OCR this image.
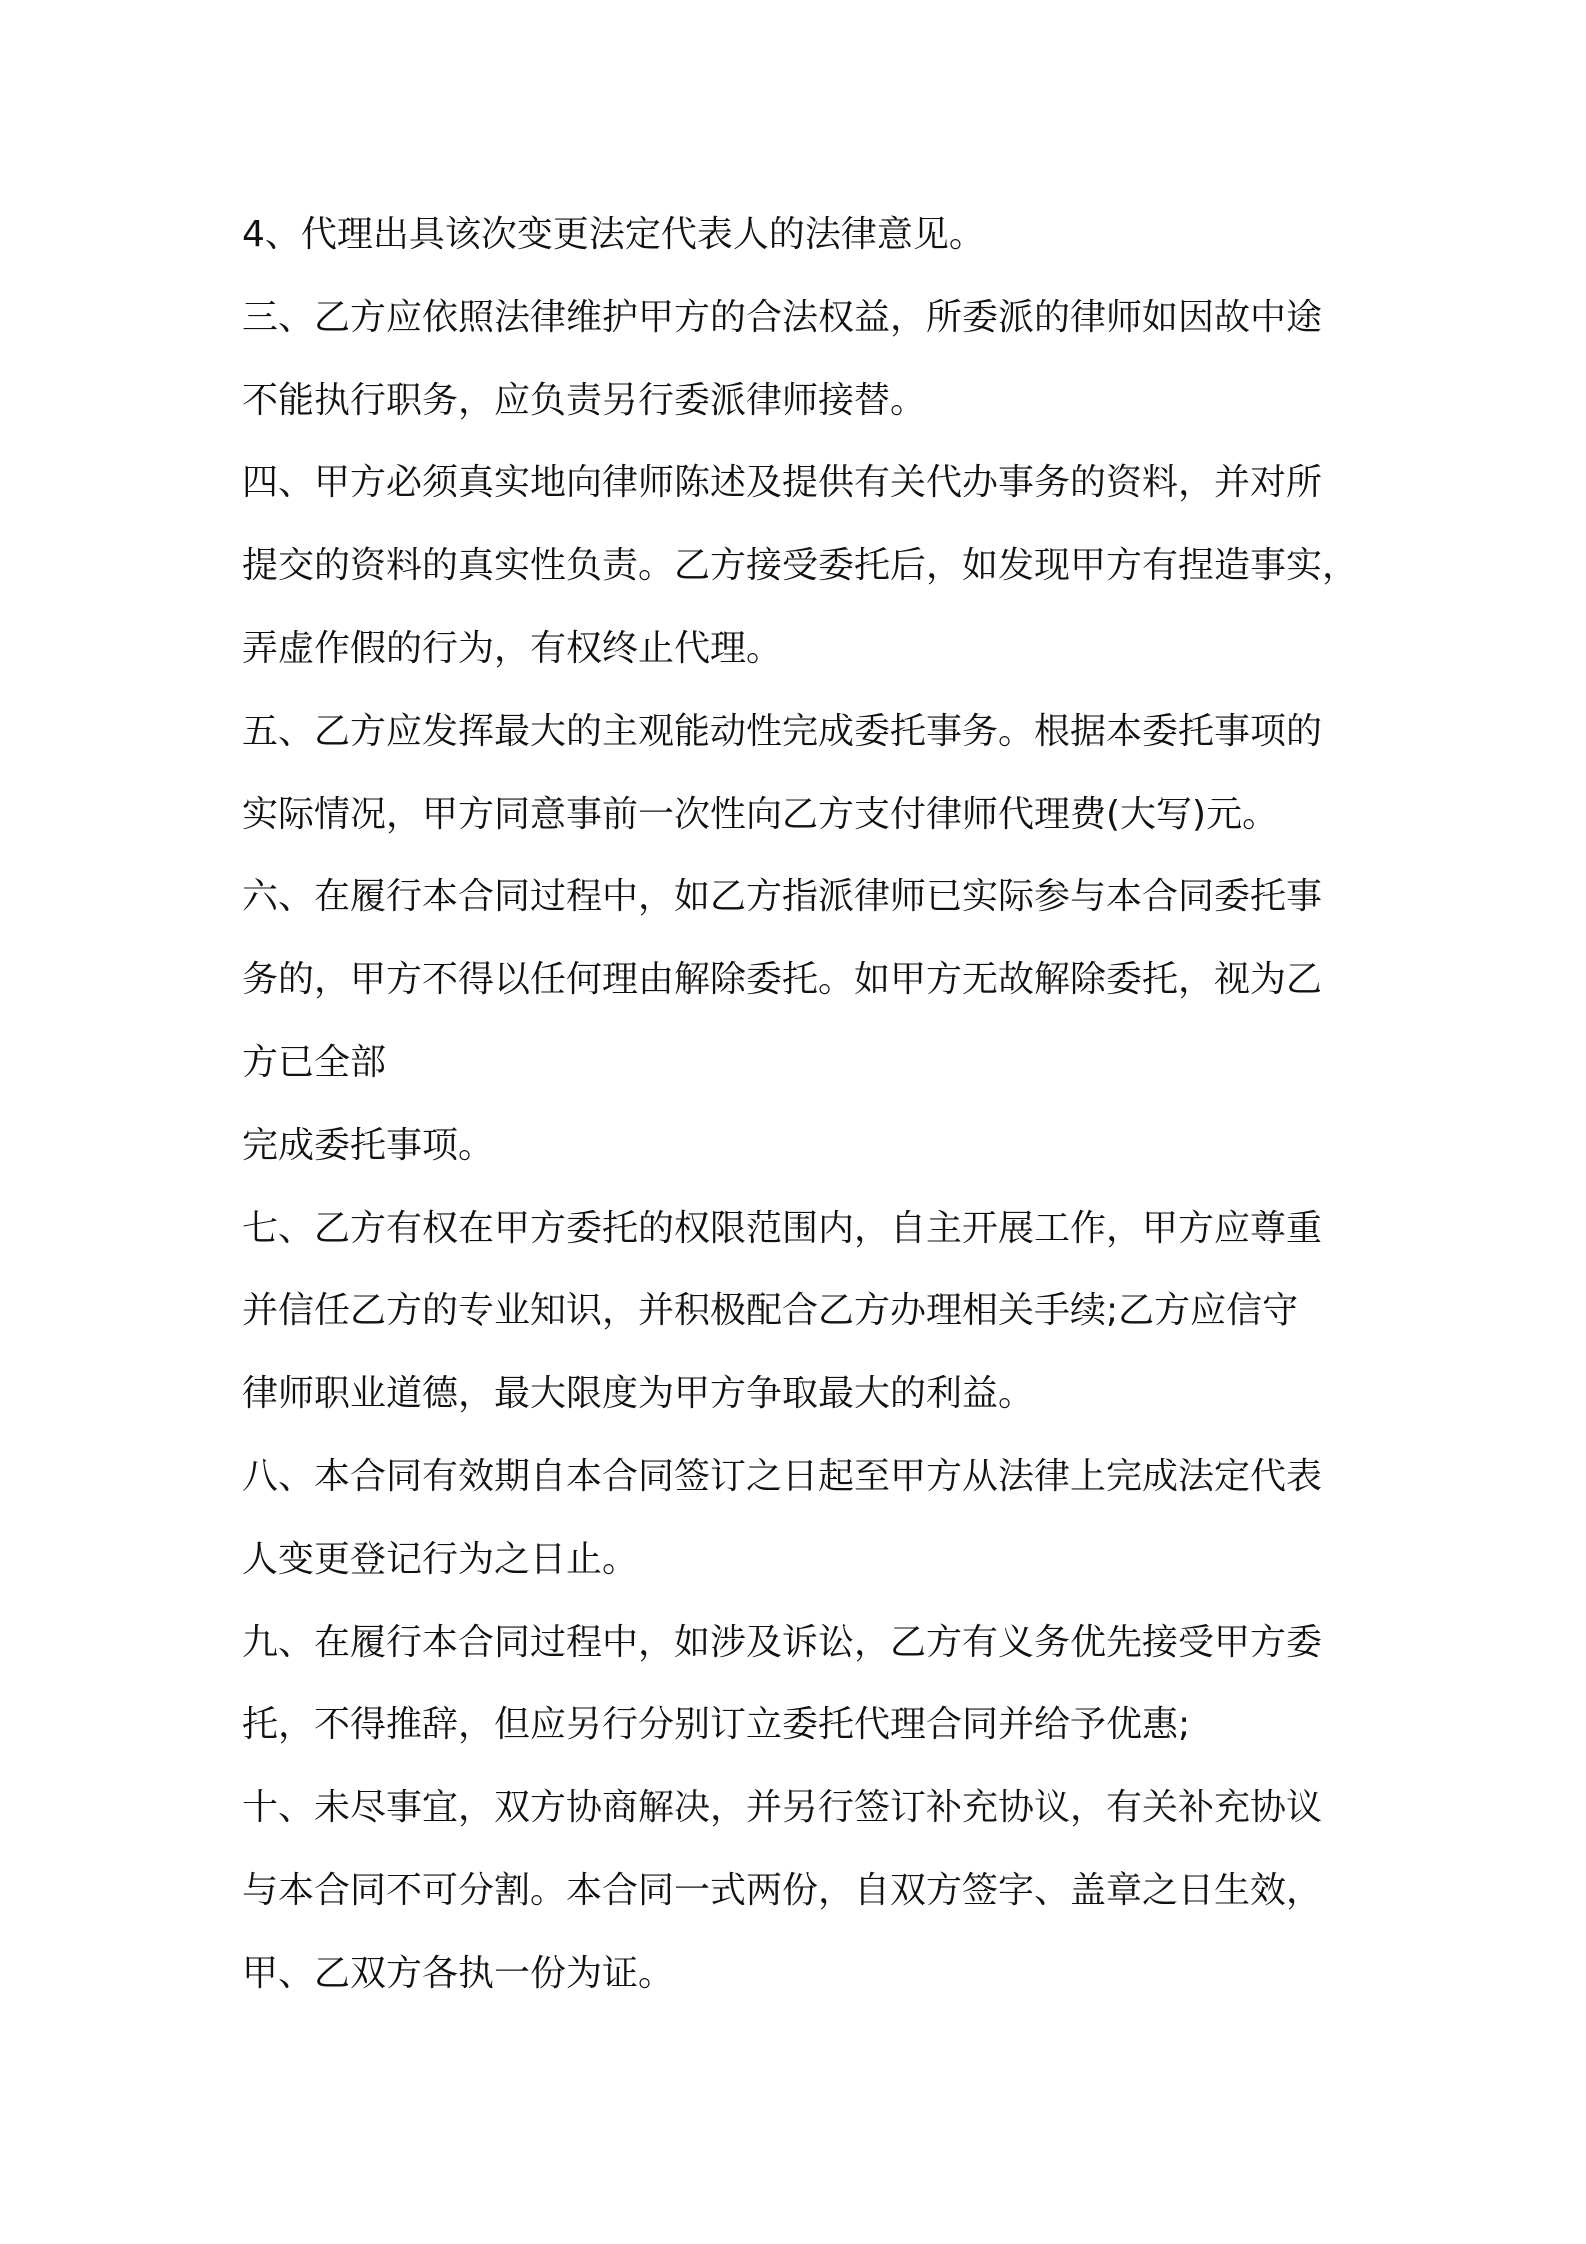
4、代理出具该次变更法定代表人的法律意见。
三、乙方应依照法律维护甲方的合法权益，所委派的律师如因故中途
不能执行职务，应负责另行委派律师接替。
四、甲方必须真实地向律师陈述及提供有关代办事务的资料，并对所
提交的资料的真实性负责。乙方接受委托后，如发现甲方有捏造事实，
弄虚作假的行为，有权终止代理。
五、乙方应发挥最大的主观能动性完成委托事务。根据本委托事项的
实际情况，甲方同意事前一次性向乙方支付律师代理费(大写)元。
六、在履行本合同过程中，如乙方指派律师已实际参与本合同委托事
务的，甲方不得以任何理由解除委托。如甲方无故解除委托，视为乙
方已全部
完成委托事项。
七、乙方有权在甲方委托的权限范围内，自主开展工作，甲方应尊重
并信任乙方的专业知识，并积极配合乙方办理相关手续;乙方应信守
律师职业道德，最大限度为甲方争取最大的利益。
八、本合同有效期自本合同签订之日起至甲方从法律上完成法定代表
人变更登记行为之日止。
九、在履行本合同过程中，如涉及诉讼，乙方有义务优先接受甲方委
托，不得推辞，但应另行分别订立委托代理合同并给予优惠;
十、未尽事宜，双方协商解决，并另行签订补充协议，有关补充协议
与本合同不可分割。本合同一式两份，自双方签字、盖章之日生效，
甲、乙双方各执一份为证。
